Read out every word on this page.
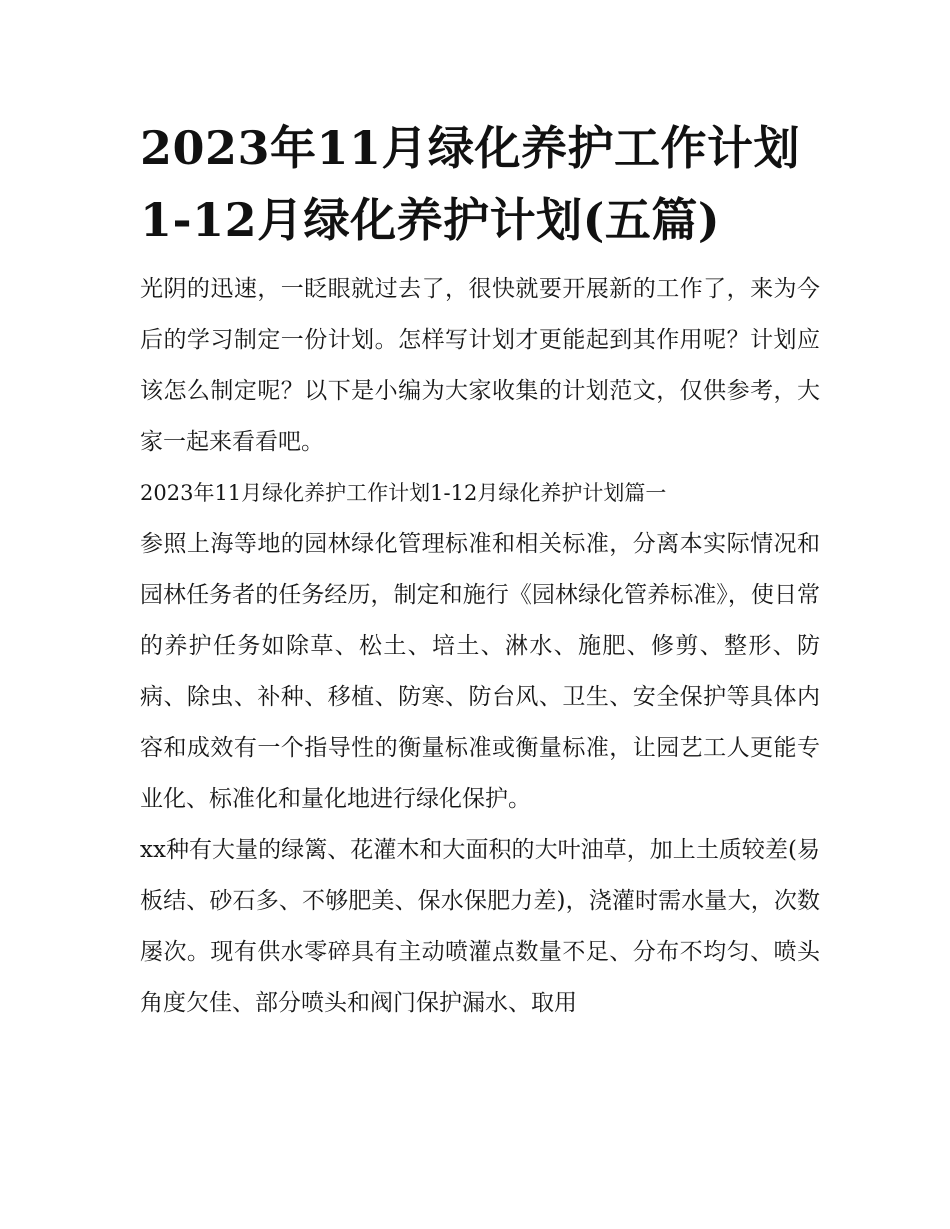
2023年11月绿化养护工作计划1-12月绿化养护计划(五篇)

光阴的迅速，一眨眼就过去了，很快就要开展新的工作了，来为今后的学习制定一份计划。怎样写计划才更能起到其作用呢？计划应该怎么制定呢？以下是小编为大家收集的计划范文，仅供参考，大家一起来看看吧。

2023年11月绿化养护工作计划1-12月绿化养护计划篇一

参照上海等地的园林绿化管理标准和相关标准，分离本实际情况和园林任务者的任务经历，制定和施行《园林绿化管养标准》，使日常的养护任务如除草、松土、培土、淋水、施肥、修剪、整形、防病、除虫、补种、移植、防寒、防台风、卫生、安全保护等具体内容和成效有一个指导性的衡量标准或衡量标准，让园艺工人更能专业化、标准化和量化地进行绿化保护。

xx种有大量的绿篱、花灌木和大面积的大叶油草，加上土质较差(易板结、砂石多、不够肥美、保水保肥力差)，浇灌时需水量大，次数屡次。现有供水零碎具有主动喷灌点数量不足、分布不均匀、喷头角度欠佳、部分喷头和阀门保护漏水、取用
